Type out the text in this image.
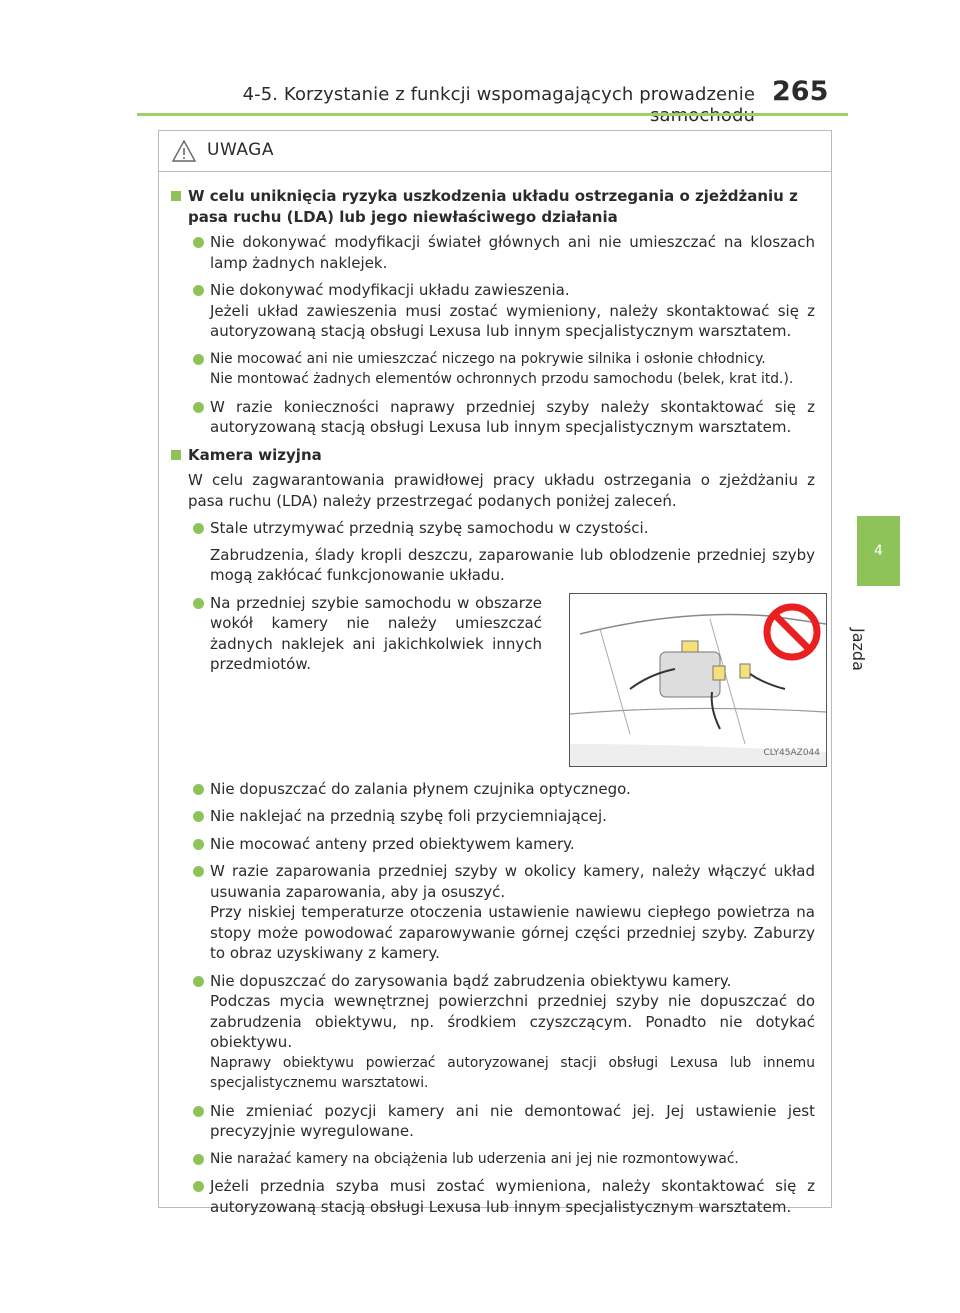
4-5. Korzystanie z funkcji wspomagających prowadzenie 265
4
Jazda
UWAGA
W celu uniknięcia ryzyka uszkodzenia układu ostrzegania o zjeżdżaniu z pasa ruchu (LDA) lub jego niewłaściwego działania
Nie dokonywać modyfikacji świateł głównych ani nie umieszczać na kloszach lamp żadnych naklejek.
Nie dokonywać modyfikacji układu zawieszenia.
Jeżeli układ zawieszenia musi zostać wymieniony, należy skontaktować się z autoryzowaną stacją obsługi Lexusa lub innym specjalistycznym warsztatem.
Nie mocować ani nie umieszczać niczego na pokrywie silnika i osłonie chłodnicy.
Nie montować żadnych elementów ochronnych przodu samochodu (belek, krat itd.).
W razie konieczności naprawy przedniej szyby należy skontaktować się z autoryzowaną stacją obsługi Lexusa lub innym specjalistycznym warsztatem.
Kamera wizyjna
W celu zagwarantowania prawidłowej pracy układu ostrzegania o zjeżdżaniu z pasa ruchu (LDA) należy przestrzegać podanych poniżej zaleceń.
Stale utrzymywać przednią szybę samochodu w czystości.
Zabrudzenia, ślady kropli deszczu, zaparowanie lub oblodzenie przedniej szyby mogą zakłócać funkcjonowanie układu.
Na przedniej szybie samochodu w obszarze wokół kamery nie należy umieszczać żadnych naklejek ani jakichkolwiek innych przedmiotów.
CLY45AZ044
Nie dopuszczać do zalania płynem czujnika optycznego.
Nie naklejać na przednią szybę foli przyciemniającej.
Nie mocować anteny przed obiektywem kamery.
W razie zaparowania przedniej szyby w okolicy kamery, należy włączyć układ usuwania zaparowania, aby ja osuszyć.
Przy niskiej temperaturze otoczenia ustawienie nawiewu ciepłego powietrza na stopy może powodować zaparowywanie górnej części przedniej szyby. Zaburzy to obraz uzyskiwany z kamery.
Nie dopuszczać do zarysowania bądź zabrudzenia obiektywu kamery.
Podczas mycia wewnętrznej powierzchni przedniej szyby nie dopuszczać do zabrudzenia obiektywu, np. środkiem czyszczącym. Ponadto nie dotykać obiektywu.
Naprawy obiektywu powierzać autoryzowanej stacji obsługi Lexusa lub innemu specjalistycznemu warsztatowi.
Nie zmieniać pozycji kamery ani nie demontować jej. Jej ustawienie jest precyzyjnie wyregulowane.
Nie narażać kamery na obciążenia lub uderzenia ani jej nie rozmontowywać.
Jeżeli przednia szyba musi zostać wymieniona, należy skontaktować się z autoryzowaną stacją obsługi Lexusa lub innym specjalistycznym warsztatem.
